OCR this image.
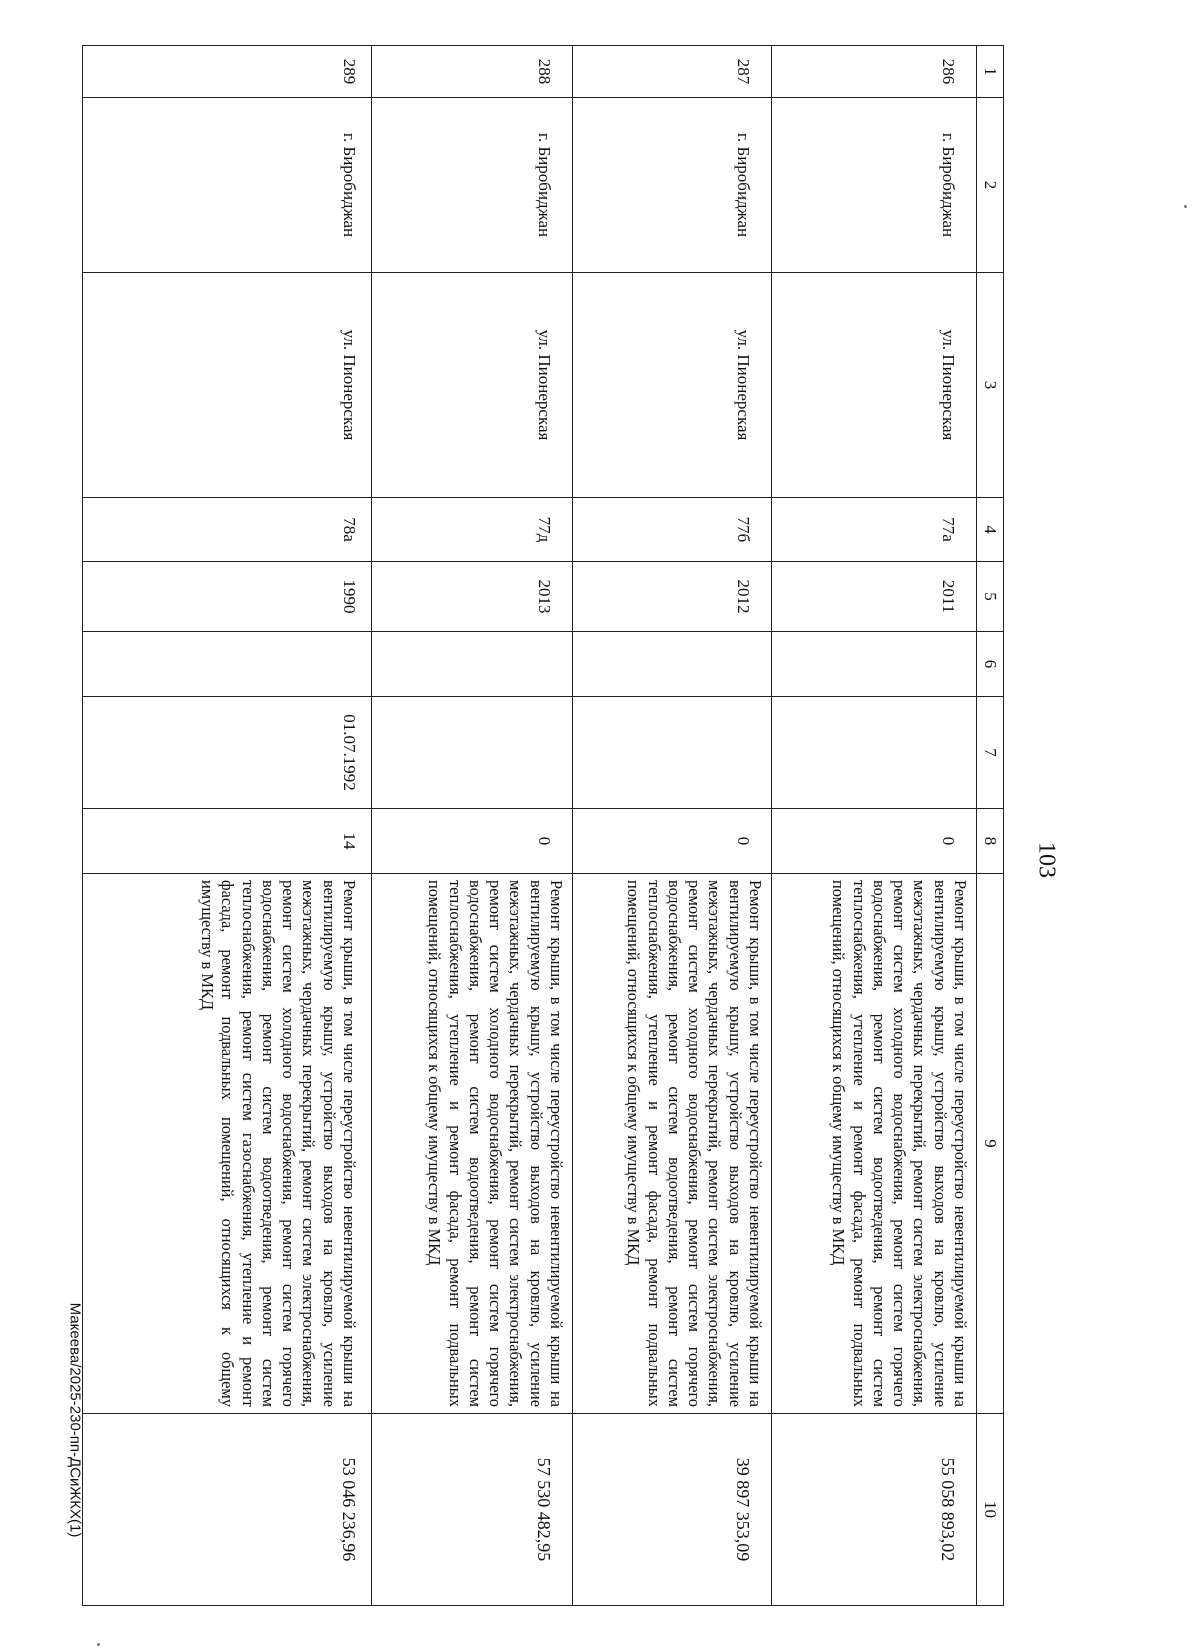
103
1	2	3	4	5	6	7	8	9	10
286	г. Биробиджан	ул. Пионерская	77а	2011			0	Ремонт крыши, в том числе переустройство невентилируемой крыши на вентилируемую крышу, устройство выходов на кровлю, усиление межэтажных, чердачных перекрытий, ремонт систем электроснабжения, ремонт систем холодного водоснабжения, ремонт систем горячего водоснабжения, ремонт систем водоотведения, ремонт систем теплоснабжения, утепление и ремонт фасада, ремонт подвальных помещений, относящихся к общему имуществу в МКД	55 058 893,02
287	г. Биробиджан	ул. Пионерская	77б	2012			0	Ремонт крыши, в том числе переустройство невентилируемой крыши на вентилируемую крышу, устройство выходов на кровлю, усиление межэтажных, чердачных перекрытий, ремонт систем электроснабжения, ремонт систем холодного водоснабжения, ремонт систем горячего водоснабжения, ремонт систем водоотведения, ремонт систем теплоснабжения, утепление и ремонт фасада, ремонт подвальных помещений, относящихся к общему имуществу в МКД	39 897 353,09
288	г. Биробиджан	ул. Пионерская	77д	2013			0	Ремонт крыши, в том числе переустройство невентилируемой крыши на вентилируемую крышу, устройство выходов на кровлю, усиление межэтажных, чердачных перекрытий, ремонт систем электроснабжения, ремонт систем холодного водоснабжения, ремонт систем горячего водоснабжения, ремонт систем водоотведения, ремонт систем теплоснабжения, утепление и ремонт фасада, ремонт подвальных помещений, относящихся к общему имуществу в МКД	57 530 482,95
289	г. Биробиджан	ул. Пионерская	78а	1990		01.07.1992	14	Ремонт крыши, в том числе переустройство невентилируемой крыши на вентилируемую крышу, устройство выходов на кровлю, усиление межэтажных, чердачных перекрытий, ремонт систем электроснабжения, ремонт систем холодного водоснабжения, ремонт систем горячего водоснабжения, ремонт систем водоотведения, ремонт систем теплоснабжения, ремонт систем газоснабжения, утепление и ремонт фасада, ремонт подвальных помещений, относящихся к общему имуществу в МКД	53 046 236,96
Макеева/2025-230-пп-ДСиЖКХ(1)
